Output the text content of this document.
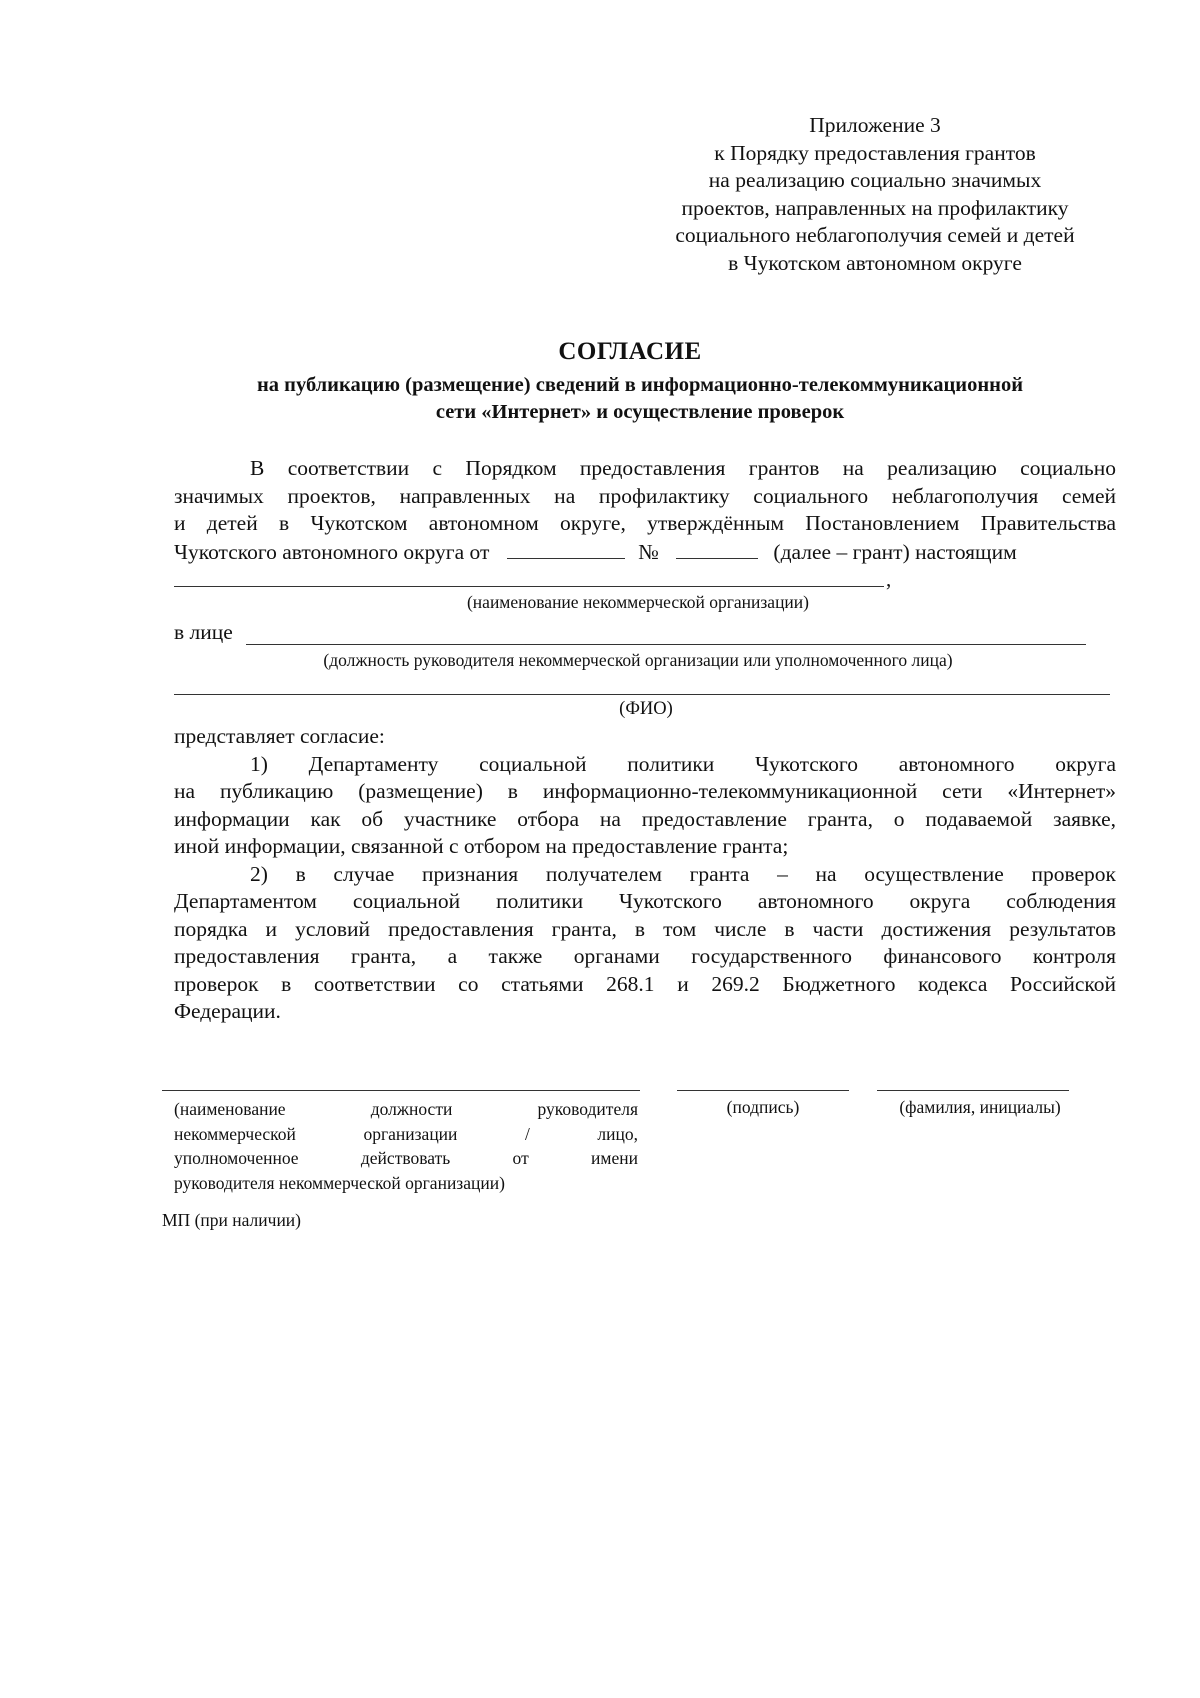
Приложение 3
к Порядку предоставления грантов
на реализацию социально значимых
проектов, направленных на профилактику
социального неблагополучия семей и детей
в Чукотском автономном округе
СОГЛАСИЕ
на публикацию (размещение) сведений в информационно-телекоммуникационной
сети «Интернет» и осуществление проверок
В соответствии с Порядком предоставления грантов на реализацию социально
значимых проектов, направленных на профилактику социального неблагополучия семей
и детей в Чукотском автономном округе, утверждённым Постановлением Правительства
Чукотского автономного округа от	№	(далее – грант) настоящим
,
(наименование некоммерческой организации)
в лице
(должность руководителя некоммерческой организации или уполномоченного лица)
(ФИО)
представляет согласие:
1) Департаменту социальной политики Чукотского автономного округа
на публикацию (размещение) в информационно-телекоммуникационной сети «Интернет»
информации как об участнике отбора на предоставление гранта, о подаваемой заявке,
иной информации, связанной с отбором на предоставление гранта;
2) в случае признания получателем гранта – на осуществление проверок
Департаментом социальной политики Чукотского автономного округа соблюдения
порядка и условий предоставления гранта, в том числе в части достижения результатов
предоставления гранта, а также органами государственного финансового контроля
проверок в соответствии со статьями 268.1 и 269.2 Бюджетного кодекса Российской
Федерации.
(наименование должности руководителя
некоммерческой организации / лицо,
уполномоченное действовать от имени
руководителя некоммерческой организации)
(подпись)	(фамилия, инициалы)
МП (при наличии)
